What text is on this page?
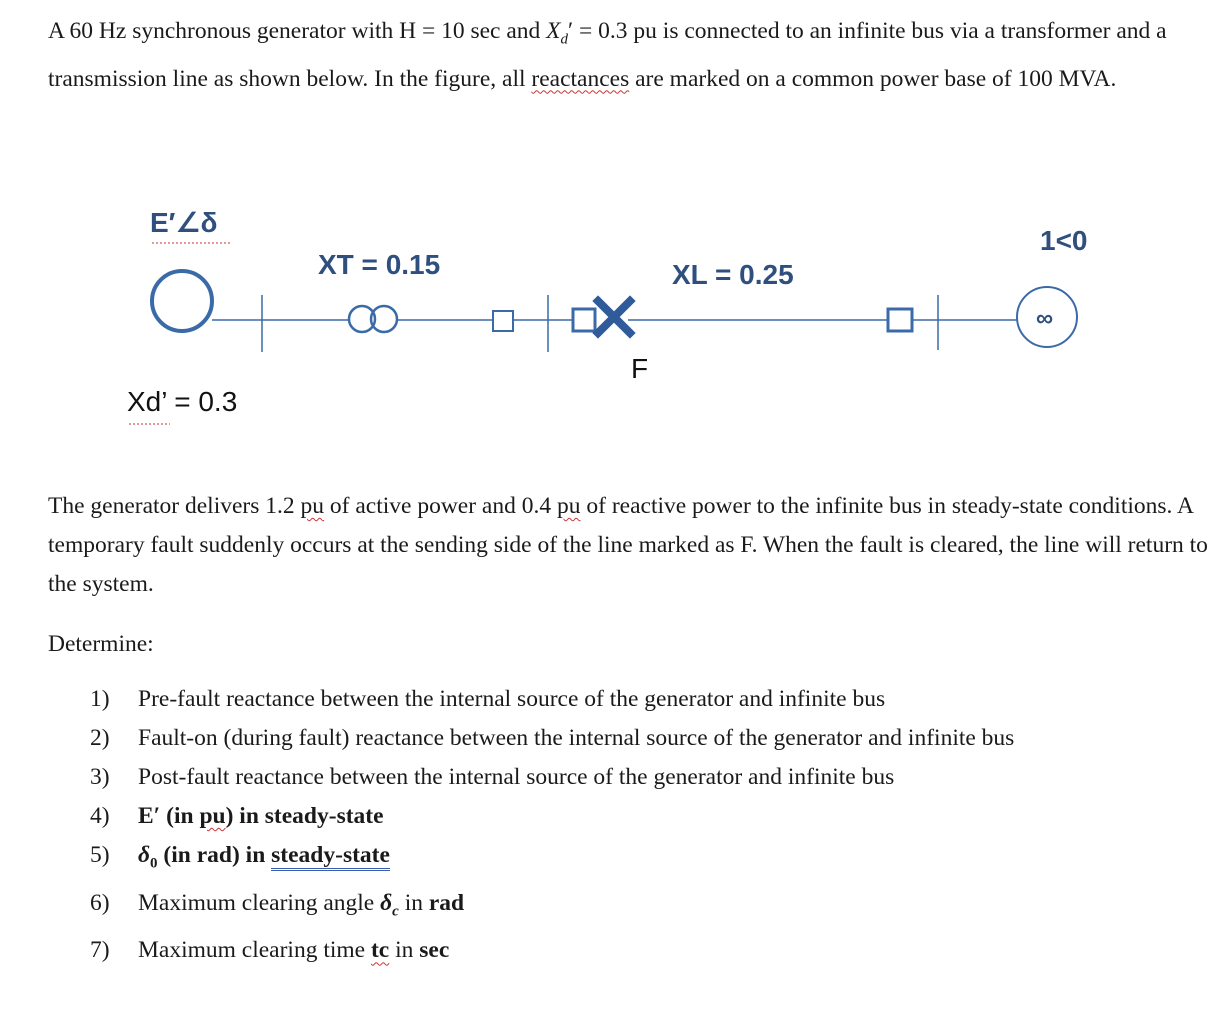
A 60 Hz synchronous generator with H = 10 sec and $X_d' = 0.3$ pu is connected to an infinite bus via a transformer and a transmission line as shown below. In the figure, all reactances are marked on a common power base of 100 MVA.

E′∠δ
XT = 0.15
F
XL = 0.25
1<0
∞
Xd’ = 0.3

The generator delivers 1.2 pu of active power and 0.4 pu of reactive power to the infinite bus in steady-state conditions. A temporary fault suddenly occurs at the sending side of the line marked as F. When the fault is cleared, the line will return to the system.

Determine:

1) Pre-fault reactance between the internal source of the generator and infinite bus
2) Fault-on (during fault) reactance between the internal source of the generator and infinite bus
3) Post-fault reactance between the internal source of the generator and infinite bus
4) E′ (in pu) in steady-state
5) $\delta_0$ (in rad) in steady-state
6) Maximum clearing angle $\delta_c$ in rad
7) Maximum clearing time tc in sec
